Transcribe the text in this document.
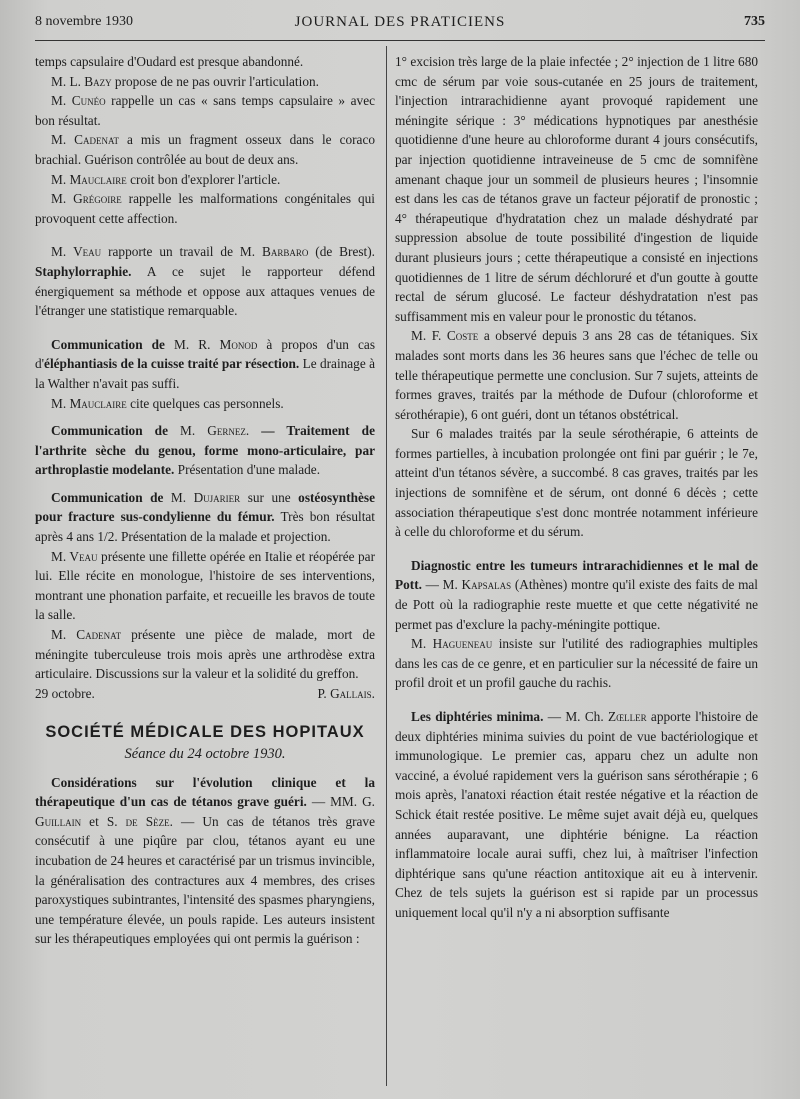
8 novembre 1930	JOURNAL DES PRATICIENS	735

temps capsulaire d'Oudard est presque abandonné.

M. L. Bazy propose de ne pas ouvrir l'articulation.

M. Cunéo rappelle un cas « sans temps capsulaire » avec bon résultat.

M. Cadenat a mis un fragment osseux dans le coraco brachial. Guérison contrôlée au bout de deux ans.

M. Mauclaire croit bon d'explorer l'article.

M. Grégoire rappelle les malformations congénitales qui provoquent cette affection.

M. Veau rapporte un travail de M. Barbaro (de Brest). Staphylorraphie. A ce sujet le rapporteur défend énergiquement sa méthode et oppose aux attaques venues de l'étranger une statistique remarquable.

Communication de M. R. Monod à propos d'un cas d'éléphantiasis de la cuisse traité par résection. Le drainage à la Walther n'avait pas suffi.

M. Mauclaire cite quelques cas personnels.

Communication de M. Gernez. — Traitement de l'arthrite sèche du genou, forme mono-articulaire, par arthroplastie modelante. Présentation d'une malade.

Communication de M. Dujarier sur une ostéosynthèse pour fracture sus-condylienne du fémur. Très bon résultat après 4 ans 1/2. Présentation de la malade et projection.

M. Veau présente une fillette opérée en Italie et réopérée par lui. Elle récite en monologue, l'histoire de ses interventions, montrant une phonation parfaite, et recueille les bravos de toute la salle.

M. Cadenat présente une pièce de malade, mort de méningite tuberculeuse trois mois après une arthrodèse extra articulaire. Discussions sur la valeur et la solidité du greffon.

29 octobre.	P. Gallais.
SOCIÉTÉ MÉDICALE DES HOPITAUX
Séance du 24 octobre 1930.

Considérations sur l'évolution clinique et la thérapeutique d'un cas de tétanos grave guéri. — MM. G. Guillain et S. de Sèze. — Un cas de tétanos très grave consécutif à une piqûre par clou, tétanos ayant eu une incubation de 24 heures et caractérisé par un trismus invincible, la généralisation des contractures aux 4 membres, des crises paroxystiques subintrantes, l'intensité des spasmes pharyngiens, une température élevée, un pouls rapide. Les auteurs insistent sur les thérapeutiques employées qui ont permis la guérison :

1° excision très large de la plaie infectée ; 2° injection de 1 litre 680 cmc de sérum par voie sous-cutanée en 25 jours de traitement, l'injection intrarachidienne ayant provoqué rapidement une méningite sérique : 3° médications hypnotiques par anesthésie quotidienne d'une heure au chloroforme durant 4 jours consécutifs, par injection quotidienne intraveineuse de 5 cmc de somnifène amenant chaque jour un sommeil de plusieurs heures ; l'insomnie est dans les cas de tétanos grave un facteur péjoratif de pronostic ; 4° thérapeutique d'hydratation chez un malade déshydraté par suppression absolue de toute possibilité d'ingestion de liquide durant plusieurs jours ; cette thérapeutique a consisté en injections quotidiennes de 1 litre de sérum déchloruré et d'un goutte à goutte rectal de sérum glucosé. Le facteur déshydratation n'est pas suffisamment mis en valeur pour le pronostic du tétanos.

M. F. Coste a observé depuis 3 ans 28 cas de tétaniques. Six malades sont morts dans les 36 heures sans que l'échec de telle ou telle thérapeutique permette une conclusion. Sur 7 sujets, atteints de formes graves, traités par la méthode de Dufour (chloroforme et sérothérapie), 6 ont guéri, dont un tétanos obstétrical.

Sur 6 malades traités par la seule sérothérapie, 6 atteints de formes partielles, à incubation prolongée ont fini par guérir ; le 7e, atteint d'un tétanos sévère, a succombé. 8 cas graves, traités par les injections de somnifène et de sérum, ont donné 6 décès ; cette association thérapeutique s'est donc montrée notamment inférieure à celle du chloroforme et du sérum.

Diagnostic entre les tumeurs intrarachidiennes et le mal de Pott. — M. Kapsalas (Athènes) montre qu'il existe des faits de mal de Pott où la radiographie reste muette et que cette négativité ne permet pas d'exclure la pachy-méningite pottique.

M. Hagueneau insiste sur l'utilité des radiographies multiples dans les cas de ce genre, et en particulier sur la nécessité de faire un profil droit et un profil gauche du rachis.

Les diphtéries minima. — M. Ch. Zœller apporte l'histoire de deux diphtéries minima suivies du point de vue bactériologique et immunologique. Le premier cas, apparu chez un adulte non vacciné, a évolué rapidement vers la guérison sans sérothérapie ; 6 mois après, l'anatoxi réaction était restée négative et la réaction de Schick était restée positive. Le même sujet avait déjà eu, quelques années auparavant, une diphtérie bénigne. La réaction inflammatoire locale aurai suffi, chez lui, à maîtriser l'infection diphtérique sans qu'une réaction antitoxique ait eu à intervenir. Chez de tels sujets la guérison est si rapide par un processus uniquement local qu'il n'y a ni absorption suffisante
